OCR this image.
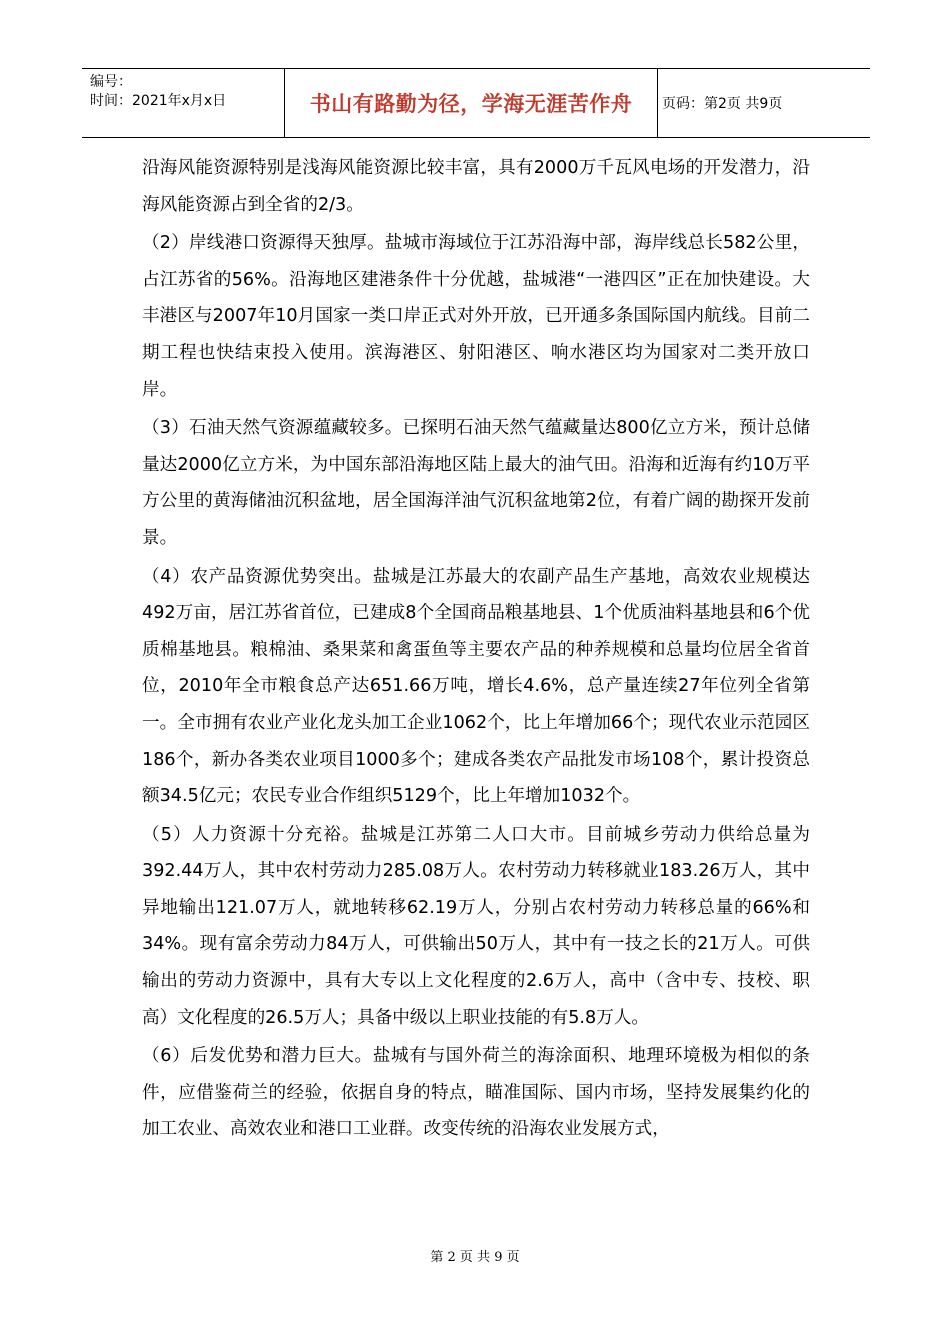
编号：
时间：2021年x月x日	书山有路勤为径，学海无涯苦作舟 页码：第2页 共9页

沿海风能资源特别是浅海风能资源比较丰富，具有2000万千瓦风电场的开发潜力，沿海风能资源占到全省的2/3。

（2）岸线港口资源得天独厚。盐城市海域位于江苏沿海中部，海岸线总长582公里，占江苏省的56%。沿海地区建港条件十分优越，盐城港“一港四区”正在加快建设。大丰港区与2007年10月国家一类口岸正式对外开放，已开通多条国际国内航线。目前二期工程也快结束投入使用。滨海港区、射阳港区、响水港区均为国家对二类开放口岸。

（3）石油天然气资源蕴藏较多。已探明石油天然气蕴藏量达800亿立方米，预计总储量达2000亿立方米，为中国东部沿海地区陆上最大的油气田。沿海和近海有约10万平方公里的黄海储油沉积盆地，居全国海洋油气沉积盆地第2位，有着广阔的勘探开发前景。

（4）农产品资源优势突出。盐城是江苏最大的农副产品生产基地，高效农业规模达492万亩，居江苏省首位，已建成8个全国商品粮基地县、1个优质油料基地县和6个优质棉基地县。粮棉油、桑果菜和禽蛋鱼等主要农产品的种养规模和总量均位居全省首位，2010年全市粮食总产达651.66万吨，增长4.6%，总产量连续27年位列全省第一。全市拥有农业产业化龙头加工企业1062个，比上年增加66个；现代农业示范园区186个，新办各类农业项目1000多个；建成各类农产品批发市场108个，累计投资总额34.5亿元；农民专业合作组织5129个，比上年增加1032个。

（5）人力资源十分充裕。盐城是江苏第二人口大市。目前城乡劳动力供给总量为392.44万人，其中农村劳动力285.08万人。农村劳动力转移就业183.26万人，其中异地输出121.07万人，就地转移62.19万人，分别占农村劳动力转移总量的66%和34%。现有富余劳动力84万人，可供输出50万人，其中有一技之长的21万人。可供输出的劳动力资源中，具有大专以上文化程度的2.6万人，高中（含中专、技校、职高）文化程度的26.5万人；具备中级以上职业技能的有5.8万人。

（6）后发优势和潜力巨大。盐城有与国外荷兰的海涂面积、地理环境极为相似的条件，应借鉴荷兰的经验，依据自身的特点，瞄准国际、国内市场，坚持发展集约化的加工农业、高效农业和港口工业群。改变传统的沿海农业发展方式，

第 2 页 共 9 页
